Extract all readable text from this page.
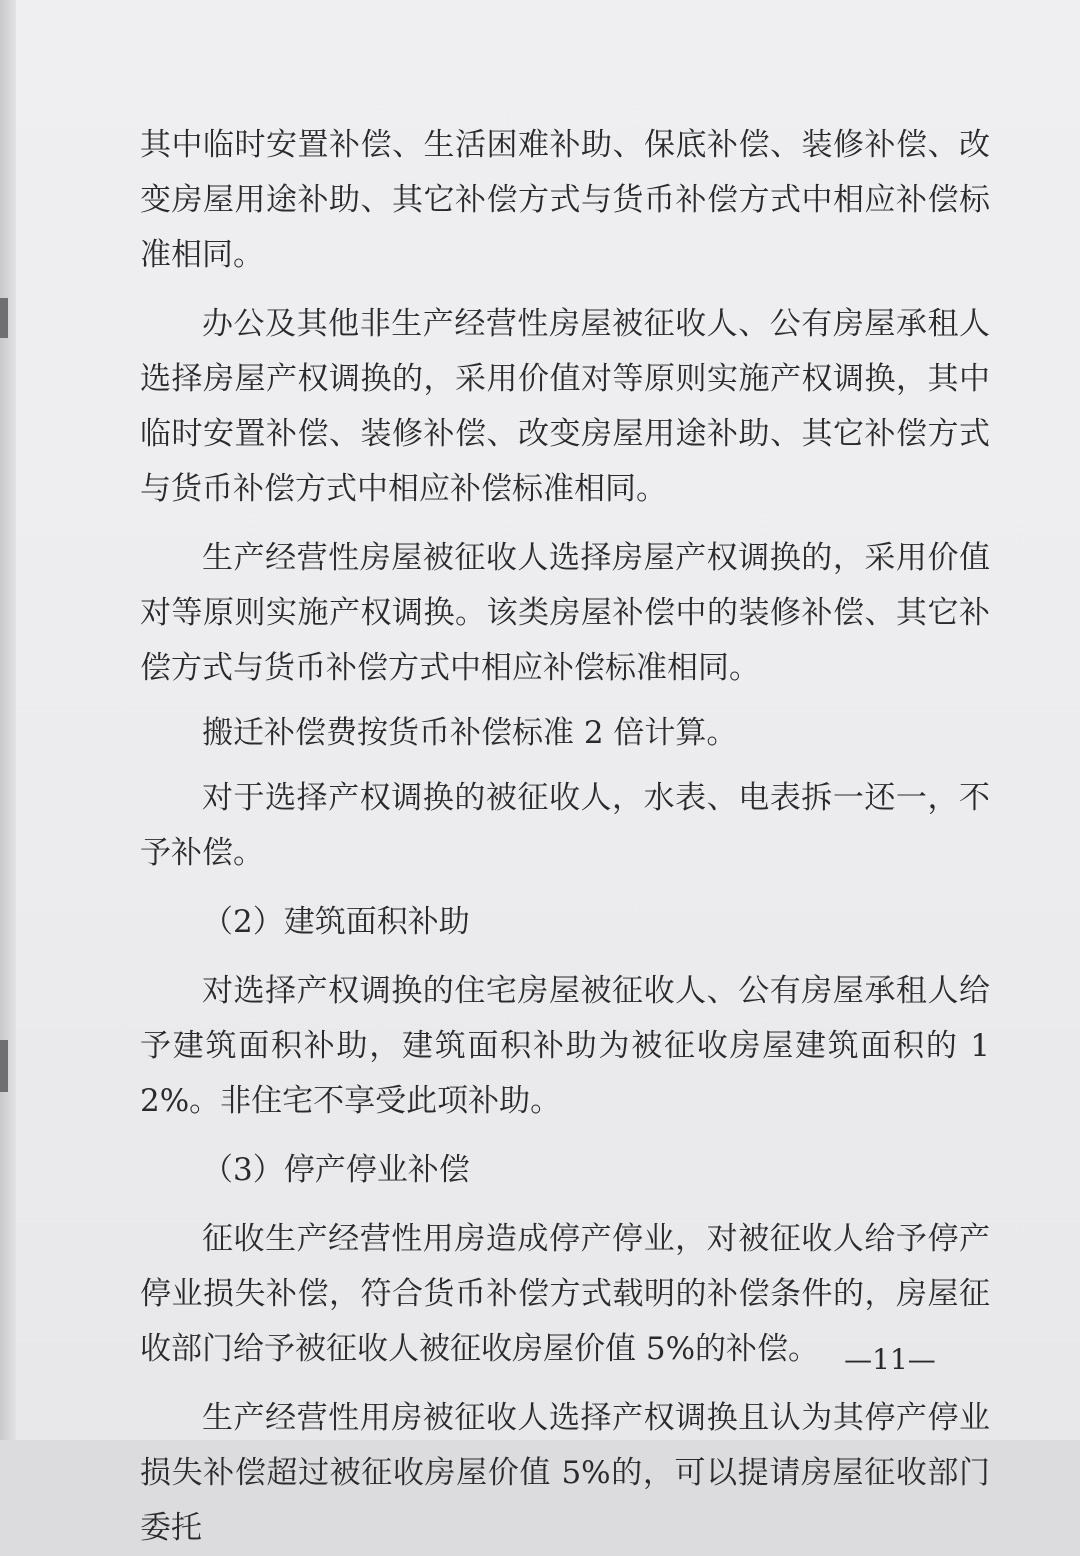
其中临时安置补偿、生活困难补助、保底补偿、装修补偿、改变房屋用途补助、其它补偿方式与货币补偿方式中相应补偿标准相同。

办公及其他非生产经营性房屋被征收人、公有房屋承租人选择房屋产权调换的，采用价值对等原则实施产权调换，其中临时安置补偿、装修补偿、改变房屋用途补助、其它补偿方式与货币补偿方式中相应补偿标准相同。

生产经营性房屋被征收人选择房屋产权调换的，采用价值对等原则实施产权调换。该类房屋补偿中的装修补偿、其它补偿方式与货币补偿方式中相应补偿标准相同。

搬迁补偿费按货币补偿标准 2 倍计算。

对于选择产权调换的被征收人，水表、电表拆一还一，不予补偿。

（2）建筑面积补助

对选择产权调换的住宅房屋被征收人、公有房屋承租人给予建筑面积补助，建筑面积补助为被征收房屋建筑面积的 12%。非住宅不享受此项补助。

（3）停产停业补偿

征收生产经营性用房造成停产停业，对被征收人给予停产停业损失补偿，符合货币补偿方式载明的补偿条件的，房屋征收部门给予被征收人被征收房屋价值 5%的补偿。

生产经营性用房被征收人选择产权调换且认为其停产停业损失补偿超过被征收房屋价值 5%的，可以提请房屋征收部门委托

—11—
